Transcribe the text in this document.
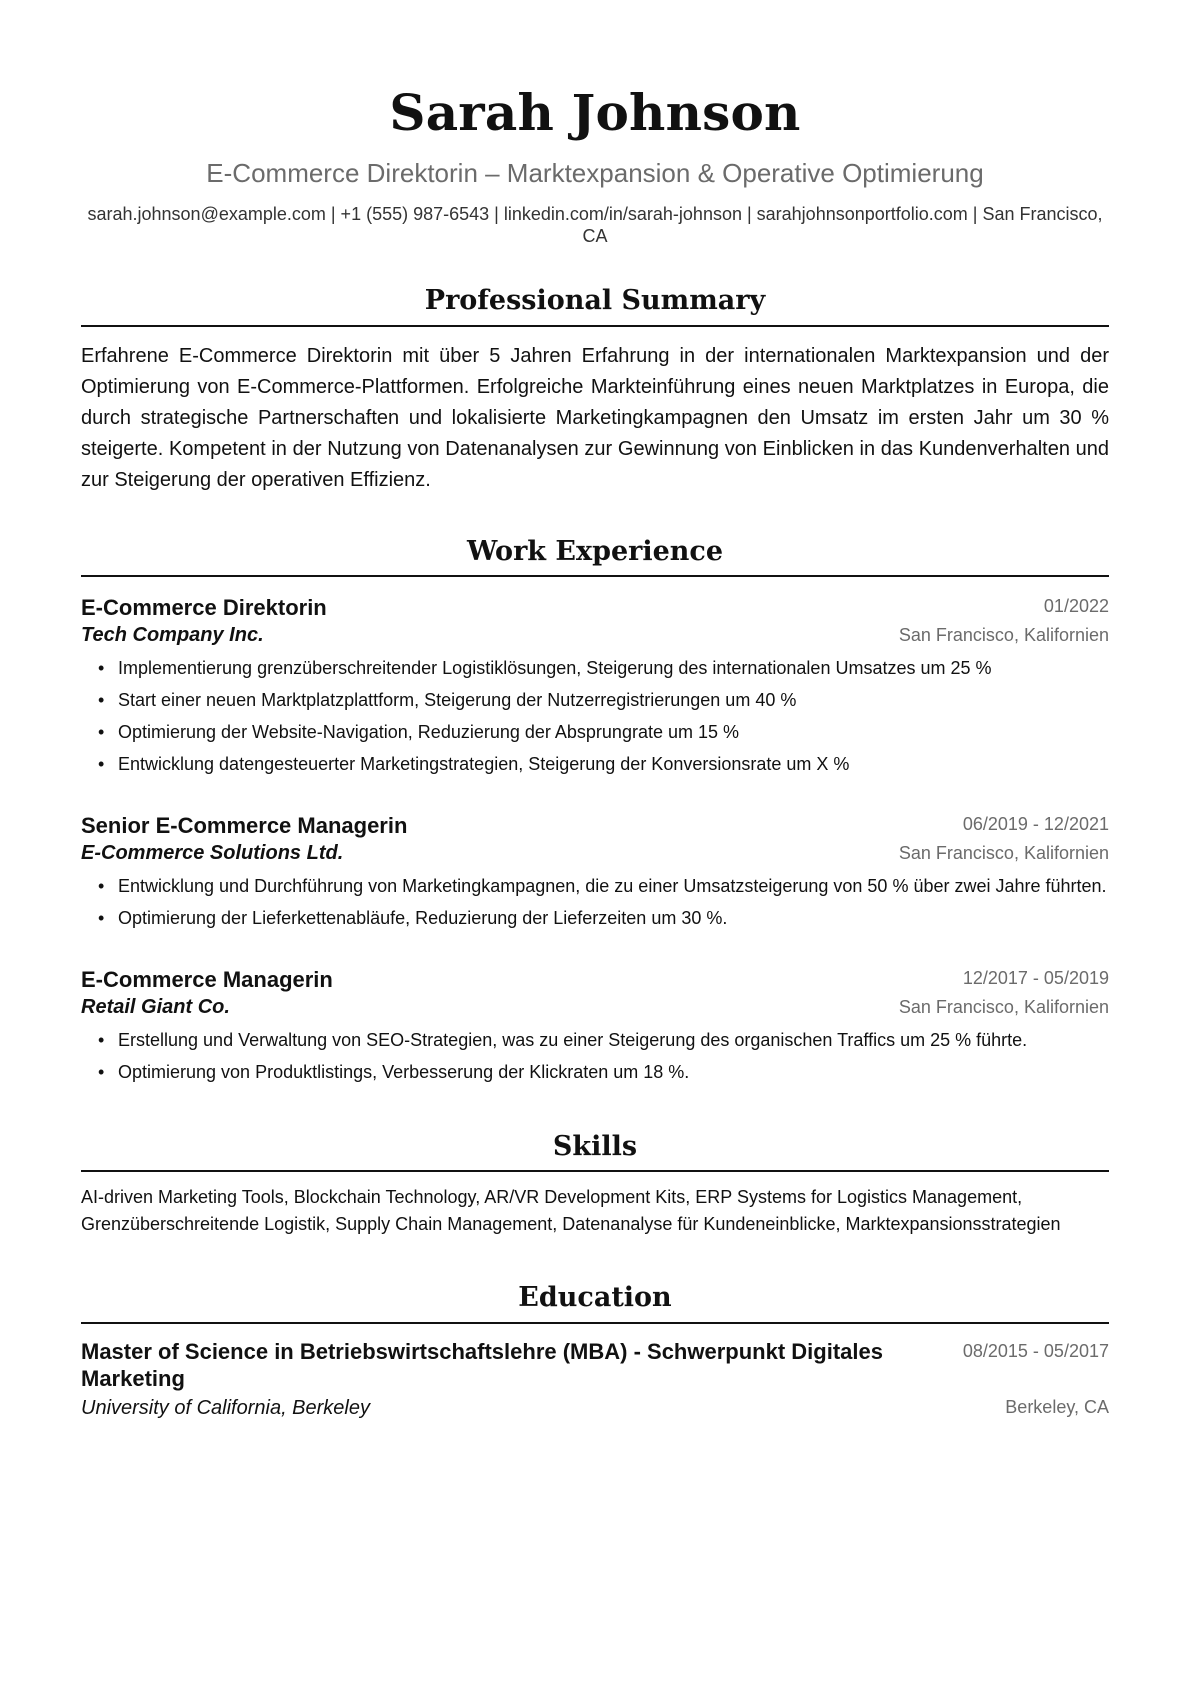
Sarah Johnson
E-Commerce Direktorin – Marktexpansion & Operative Optimierung
sarah.johnson@example.com | +1 (555) 987-6543 | linkedin.com/in/sarah-johnson | sarahjohnsonportfolio.com | San Francisco, CA
Professional Summary
Erfahrene E-Commerce Direktorin mit über 5 Jahren Erfahrung in der internationalen Marktexpansion und der Optimierung von E-Commerce-Plattformen. Erfolgreiche Markteinführung eines neuen Marktplatzes in Europa, die durch strategische Partnerschaften und lokalisierte Marketingkampagnen den Umsatz im ersten Jahr um 30 % steigerte. Kompetent in der Nutzung von Datenanalysen zur Gewinnung von Einblicken in das Kundenverhalten und zur Steigerung der operativen Effizienz.
Work Experience
E-Commerce Direktorin	01/2022
Tech Company Inc.	San Francisco, Kalifornien
• Implementierung grenzüberschreitender Logistiklösungen, Steigerung des internationalen Umsatzes um 25 %
• Start einer neuen Marktplatzplattform, Steigerung der Nutzerregistrierungen um 40 %
• Optimierung der Website-Navigation, Reduzierung der Absprungrate um 15 %
• Entwicklung datengesteuerter Marketingstrategien, Steigerung der Konversionsrate um X %
Senior E-Commerce Managerin	06/2019 - 12/2021
E-Commerce Solutions Ltd.	San Francisco, Kalifornien
• Entwicklung und Durchführung von Marketingkampagnen, die zu einer Umsatzsteigerung von 50 % über zwei Jahre führten.
• Optimierung der Lieferkettenabläufe, Reduzierung der Lieferzeiten um 30 %.
E-Commerce Managerin	12/2017 - 05/2019
Retail Giant Co.	San Francisco, Kalifornien
• Erstellung und Verwaltung von SEO-Strategien, was zu einer Steigerung des organischen Traffics um 25 % führte.
• Optimierung von Produktlistings, Verbesserung der Klickraten um 18 %.
Skills
AI-driven Marketing Tools, Blockchain Technology, AR/VR Development Kits, ERP Systems for Logistics Management, Grenzüberschreitende Logistik, Supply Chain Management, Datenanalyse für Kundeneinblicke, Marktexpansionsstrategien
Education
Master of Science in Betriebswirtschaftslehre (MBA) - Schwerpunkt Digitales Marketing
08/2015 - 05/2017
University of California, Berkeley	Berkeley, CA
